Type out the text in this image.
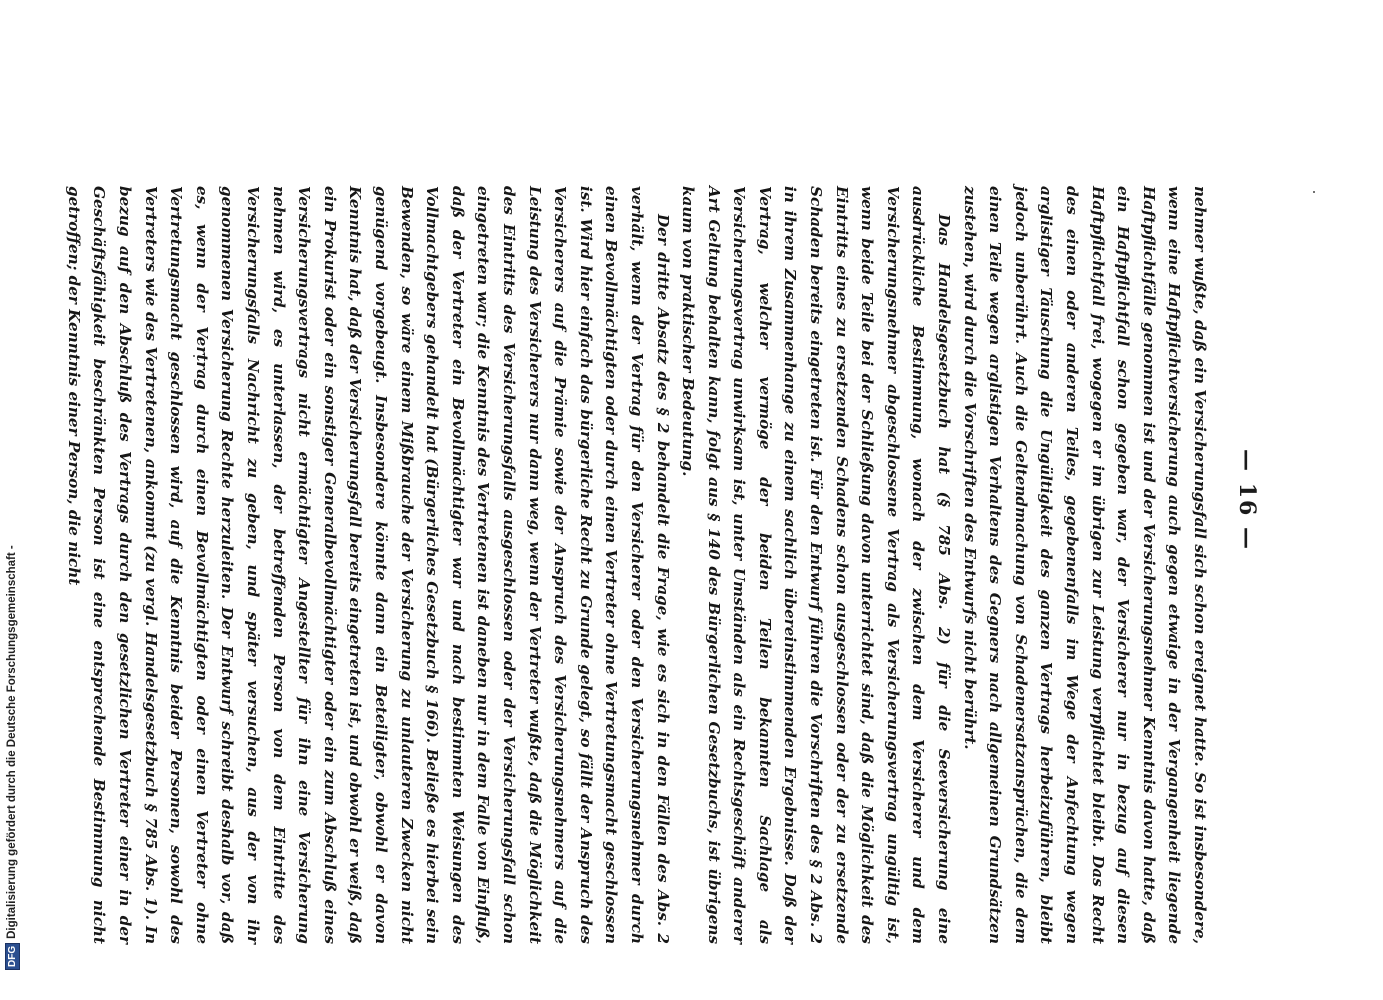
DFG
Digitalisierung gefördert durch die Deutsche Forschungsgemeinschaft -
— 16 —

nehmer wußte, daß ein Versicherungsfall sich schon ereignet hatte. So ist insbesondere, wenn eine Haftpflichtversicherung auch gegen etwaige in der Vergangenheit liegende Haftpflichtfälle genommen ist und der Versicherungsnehmer Kenntnis davon hatte, daß ein Haftpflichtfall schon gegeben war, der Versicherer nur in bezug auf diesen Haftpflichtfall frei, wogegen er im übrigen zur Leistung verpflichtet bleibt. Das Recht des einen oder anderen Teiles, gegebenenfalls im Wege der Anfechtung wegen arglistiger Täuschung die Ungültigkeit des ganzen Vertrags herbeizuführen, bleibt jedoch unberührt. Auch die Geltendmachung von Schadenersatzansprüchen, die dem einen Teile wegen arglistigen Verhaltens des Gegners nach allgemeinen Grundsätzen zustehen, wird durch die Vorschriften des Entwurfs nicht berührt.

Das Handelsgesetzbuch hat (§ 785 Abs. 2) für die Seeversicherung eine ausdrückliche Bestimmung, wonach der zwischen dem Versicherer und dem Versicherungsnehmer abgeschlossene Vertrag als Versicherungsvertrag ungültig ist, wenn beide Teile bei der Schließung davon unterrichtet sind, daß die Möglichkeit des Eintritts eines zu ersetzenden Schadens schon ausgeschlossen oder der zu ersetzende Schaden bereits eingetreten ist. Für den Entwurf führen die Vorschriften des § 2 Abs. 2 in ihrem Zusammenhange zu einem sachlich übereinstimmenden Ergebnisse. Daß der Vertrag, welcher vermöge der beiden Teilen bekannten Sachlage als Versicherungsvertrag unwirksam ist, unter Umständen als ein Rechtsgeschäft anderer Art Geltung behalten kann, folgt aus § 140 des Bürgerlichen Gesetzbuchs, ist übrigens kaum von praktischer Bedeutung.

Der dritte Absatz des § 2 behandelt die Frage, wie es sich in den Fällen des Abs. 2 verhält, wenn der Vertrag für den Versicherer oder den Versicherungsnehmer durch einen Bevollmächtigten oder durch einen Vertreter ohne Vertretungsmacht geschlossen ist. Wird hier einfach das bürgerliche Recht zu Grunde gelegt, so fällt der Anspruch des Versicherers auf die Prämie sowie der Anspruch des Versicherungsnehmers auf die Leistung des Versicherers nur dann weg, wenn der Vertreter wußte, daß die Möglichkeit des Eintritts des Versicherungsfalls ausgeschlossen oder der Versicherungsfall schon eingetreten war; die Kenntnis des Vertretenen ist daneben nur in dem Falle von Einfluß, daß der Vertreter ein Bevollmächtigter war und nach bestimmten Weisungen des Vollmachtgebers gehandelt hat (Bürgerliches Gesetzbuch § 166). Beließe es hierbei sein Bewenden, so wäre einem Mißbrauche der Versicherung zu unlauteren Zwecken nicht genügend vorgebeugt. Insbesondere könnte dann ein Beteiligter, obwohl er davon Kenntnis hat, daß der Versicherungsfall bereits eingetreten ist, und obwohl er weiß, daß ein Prokurist oder ein sonstiger Generalbevollmächtigter oder ein zum Abschluß eines Versicherungsvertrags nicht ermächtigter Angestellter für ihn eine Versicherung nehmen wird, es unterlassen, der betreffenden Person von dem Eintritte des Versicherungsfalls Nachricht zu geben, und später versuchen, aus der von ihr genommenen Versicherung Rechte herzuleiten. Der Entwurf schreibt deshalb vor, daß es, wenn der Vertrag durch einen Bevollmächtigten oder einen Vertreter ohne Vertretungsmacht geschlossen wird, auf die Kenntnis beider Personen, sowohl des Vertreters wie des Vertretenen, ankommt (zu vergl. Handelsgesetzbuch § 785 Abs. 1). In bezug auf den Abschluß des Vertrags durch den gesetzlichen Vertreter einer in der Geschäftsfähigkeit beschränkten Person ist eine entsprechende Bestimmung nicht getroffen; der Kenntnis einer Person, die nicht
